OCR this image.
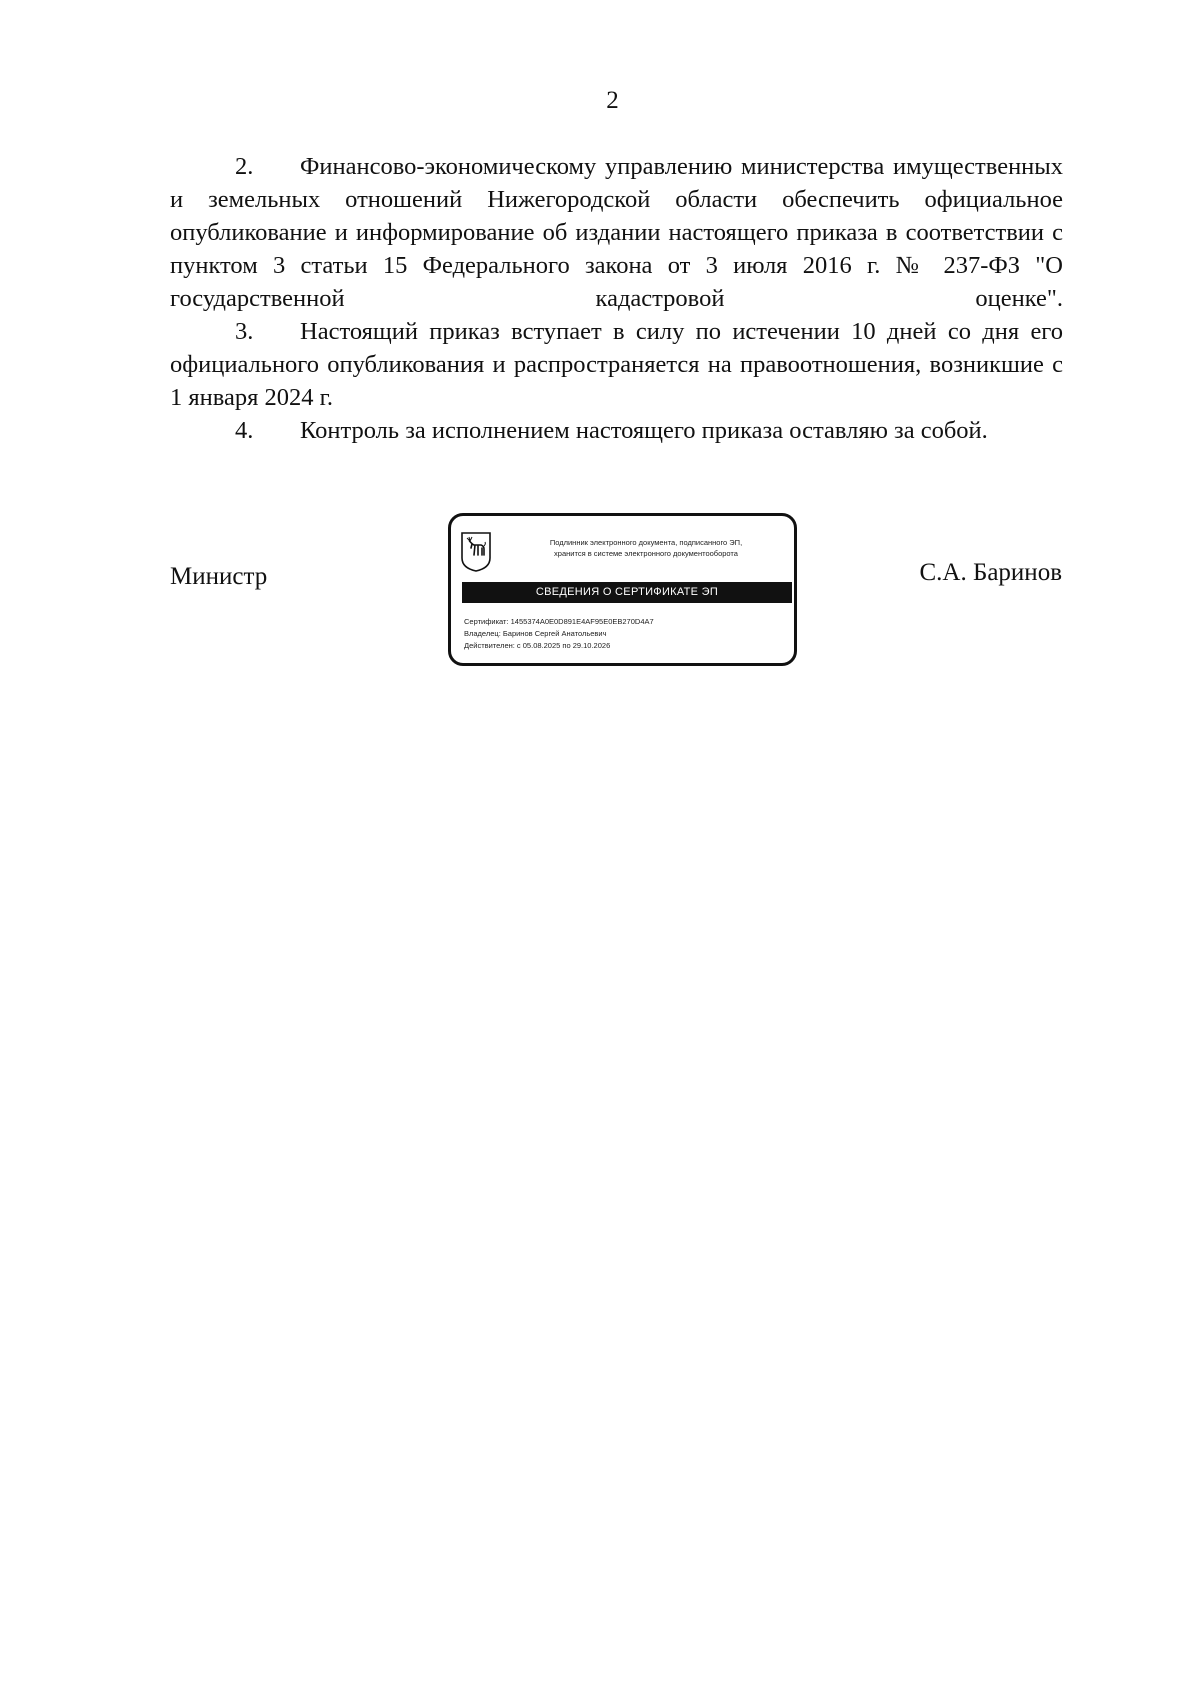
2

2. Финансово-экономическому управлению министерства имущественных и земельных отношений Нижегородской области обеспечить официальное опубликование и информирование об издании настоящего приказа в соответствии с пунктом 3 статьи 15 Федерального закона от 3 июля 2016 г. № 237-ФЗ "О государственной кадастровой оценке".

3. Настоящий приказ вступает в силу по истечении 10 дней со дня его официального опубликования и распространяется на правоотношения, возникшие с 1 января 2024 г.

4. Контроль за исполнением настоящего приказа оставляю за собой.

Министр
Подлинник электронного документа, подписанного ЭП,
хранится в системе электронного документооборота
СВЕДЕНИЯ О СЕРТИФИКАТЕ ЭП
Сертификат: 1455374A0E0D891E4AF95E0EB270D4A7
Владелец: Баринов Сергей Анатольевич
Действителен: с 05.08.2025 по 29.10.2026
С.А. Баринов
